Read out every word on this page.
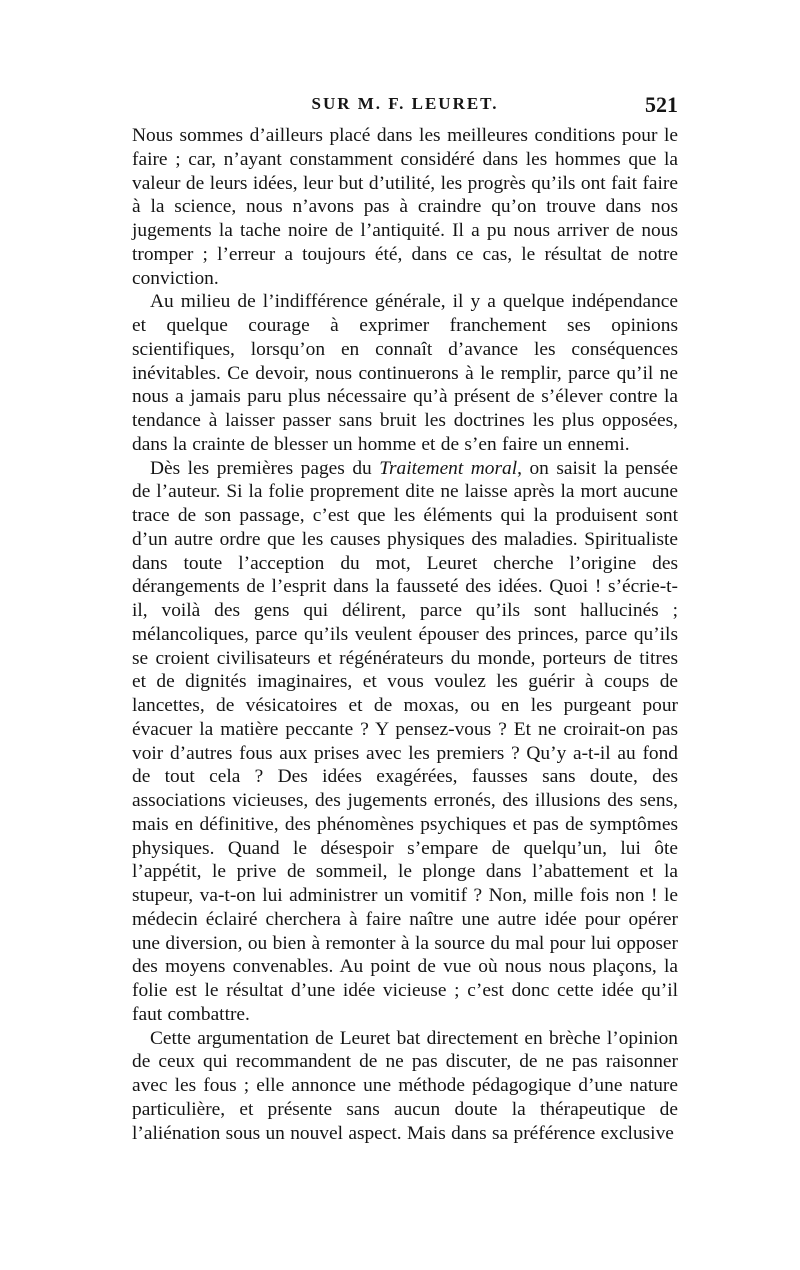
SUR M. F. LEURET.	521

Nous sommes d’ailleurs placé dans les meilleures conditions pour le faire ; car, n’ayant constamment considéré dans les hommes que la valeur de leurs idées, leur but d’utilité, les progrès qu’ils ont fait faire à la science, nous n’avons pas à craindre qu’on trouve dans nos jugements la tache noire de l’antiquité. Il a pu nous arriver de nous tromper ; l’erreur a toujours été, dans ce cas, le résultat de notre conviction.

Au milieu de l’indifférence générale, il y a quelque indépendance et quelque courage à exprimer franchement ses opinions scientifiques, lorsqu’on en connaît d’avance les conséquences inévitables. Ce devoir, nous continuerons à le remplir, parce qu’il ne nous a jamais paru plus nécessaire qu’à présent de s’élever contre la tendance à laisser passer sans bruit les doctrines les plus opposées, dans la crainte de blesser un homme et de s’en faire un ennemi.

Dès les premières pages du Traitement moral, on saisit la pensée de l’auteur. Si la folie proprement dite ne laisse après la mort aucune trace de son passage, c’est que les éléments qui la produisent sont d’un autre ordre que les causes physiques des maladies. Spiritualiste dans toute l’acception du mot, Leuret cherche l’origine des dérangements de l’esprit dans la fausseté des idées. Quoi ! s’écrie-t-il, voilà des gens qui délirent, parce qu’ils sont hallucinés ; mélancoliques, parce qu’ils veulent épouser des princes, parce qu’ils se croient civilisateurs et régénérateurs du monde, porteurs de titres et de dignités imaginaires, et vous voulez les guérir à coups de lancettes, de vésicatoires et de moxas, ou en les purgeant pour évacuer la matière peccante ? Y pensez-vous ? Et ne croirait-on pas voir d’autres fous aux prises avec les premiers ? Qu’y a-t-il au fond de tout cela ? Des idées exagérées, fausses sans doute, des associations vicieuses, des jugements erronés, des illusions des sens, mais en définitive, des phénomènes psychiques et pas de symptômes physiques. Quand le désespoir s’empare de quelqu’un, lui ôte l’appétit, le prive de sommeil, le plonge dans l’abattement et la stupeur, va-t-on lui administrer un vomitif ? Non, mille fois non ! le médecin éclairé cherchera à faire naître une autre idée pour opérer une diversion, ou bien à remonter à la source du mal pour lui opposer des moyens convenables. Au point de vue où nous nous plaçons, la folie est le résultat d’une idée vicieuse ; c’est donc cette idée qu’il faut combattre.

Cette argumentation de Leuret bat directement en brèche l’opinion de ceux qui recommandent de ne pas discuter, de ne pas raisonner avec les fous ; elle annonce une méthode pédagogique d’une nature particulière, et présente sans aucun doute la thérapeutique de l’aliénation sous un nouvel aspect. Mais dans sa préférence exclusive
